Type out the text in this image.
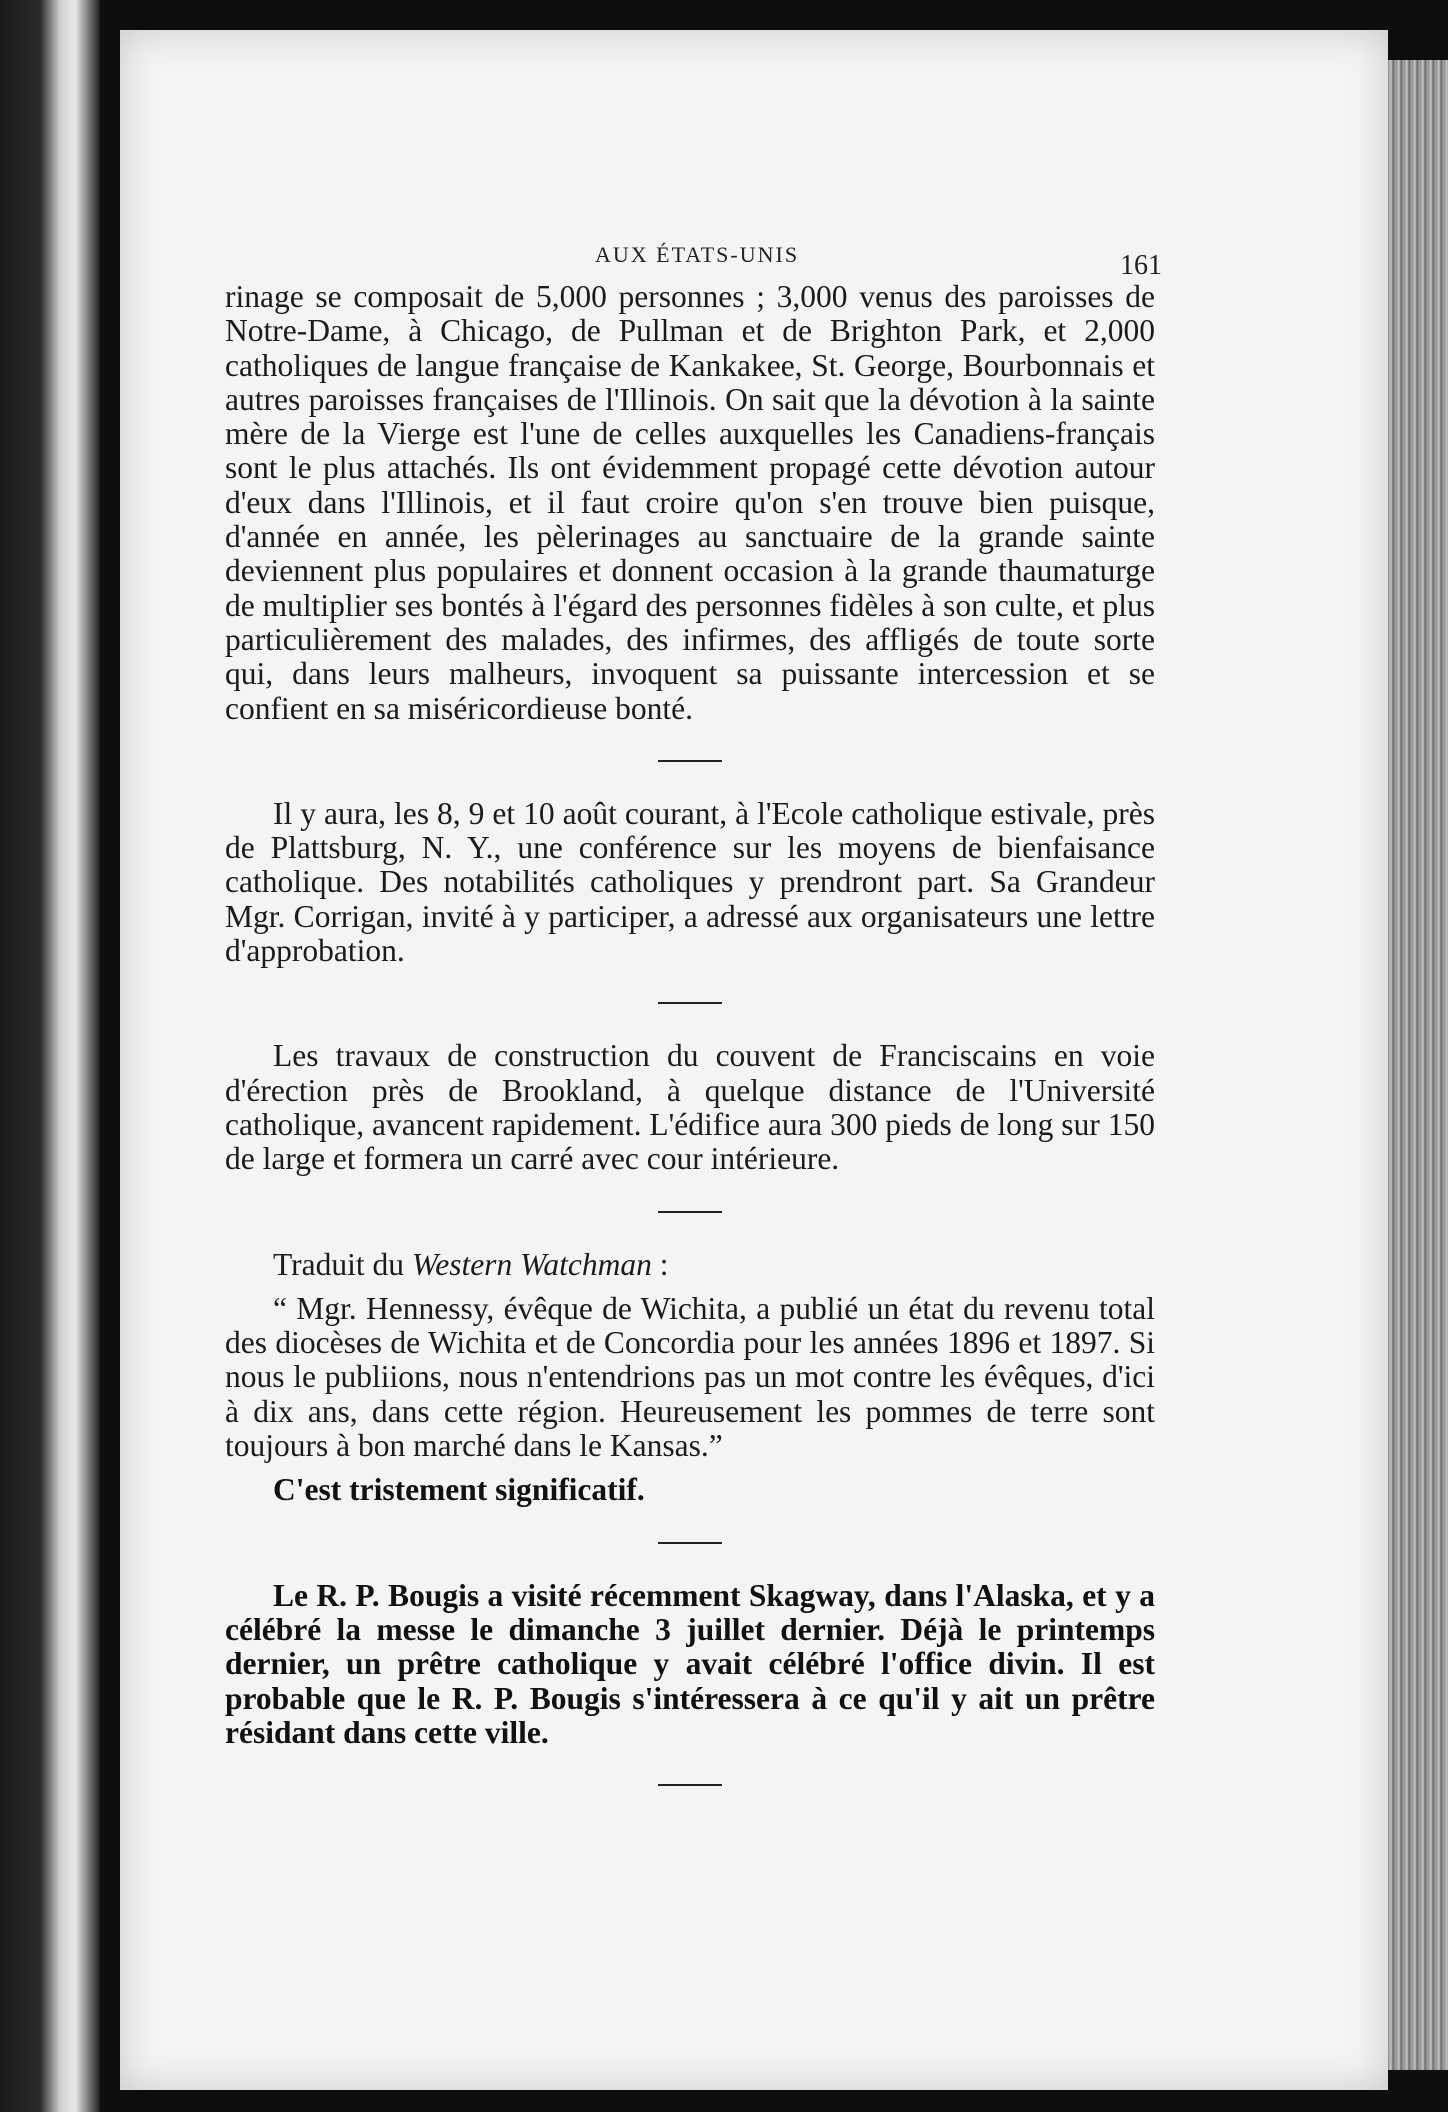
AUX ÉTATS-UNIS	161

rinage se composait de 5,000 personnes ; 3,000 venus des paroisses de Notre-Dame, à Chicago, de Pullman et de Brighton Park, et 2,000 catholiques de langue française de Kankakee, St. George, Bourbonnais et autres paroisses françaises de l'Illinois. On sait que la dévotion à la sainte mère de la Vierge est l'une de celles auxquelles les Canadiens-français sont le plus attachés. Ils ont évidemment propagé cette dévotion autour d'eux dans l'Illinois, et il faut croire qu'on s'en trouve bien puisque, d'année en année, les pèlerinages au sanctuaire de la grande sainte deviennent plus populaires et donnent occasion à la grande thaumaturge de multiplier ses bontés à l'égard des personnes fidèles à son culte, et plus particulièrement des malades, des infirmes, des affligés de toute sorte qui, dans leurs malheurs, invoquent sa puissante intercession et se confient en sa miséricordieuse bonté.

Il y aura, les 8, 9 et 10 août courant, à l'Ecole catholique estivale, près de Plattsburg, N. Y., une conférence sur les moyens de bienfaisance catholique. Des notabilités catholiques y prendront part. Sa Grandeur Mgr. Corrigan, invité à y participer, a adressé aux organisateurs une lettre d'approbation.

Les travaux de construction du couvent de Franciscains en voie d'érection près de Brookland, à quelque distance de l'Université catholique, avancent rapidement. L'édifice aura 300 pieds de long sur 150 de large et formera un carré avec cour intérieure.

Traduit du Western Watchman :

“ Mgr. Hennessy, évêque de Wichita, a publié un état du revenu total des diocèses de Wichita et de Concordia pour les années 1896 et 1897. Si nous le publiions, nous n'entendrions pas un mot contre les évêques, d'ici à dix ans, dans cette région. Heureusement les pommes de terre sont toujours à bon marché dans le Kansas.”

C'est tristement significatif.

Le R. P. Bougis a visité récemment Skagway, dans l'Alaska, et y a célébré la messe le dimanche 3 juillet dernier. Déjà le printemps dernier, un prêtre catholique y avait célébré l'office divin. Il est probable que le R. P. Bougis s'intéressera à ce qu'il y ait un prêtre résidant dans cette ville.
